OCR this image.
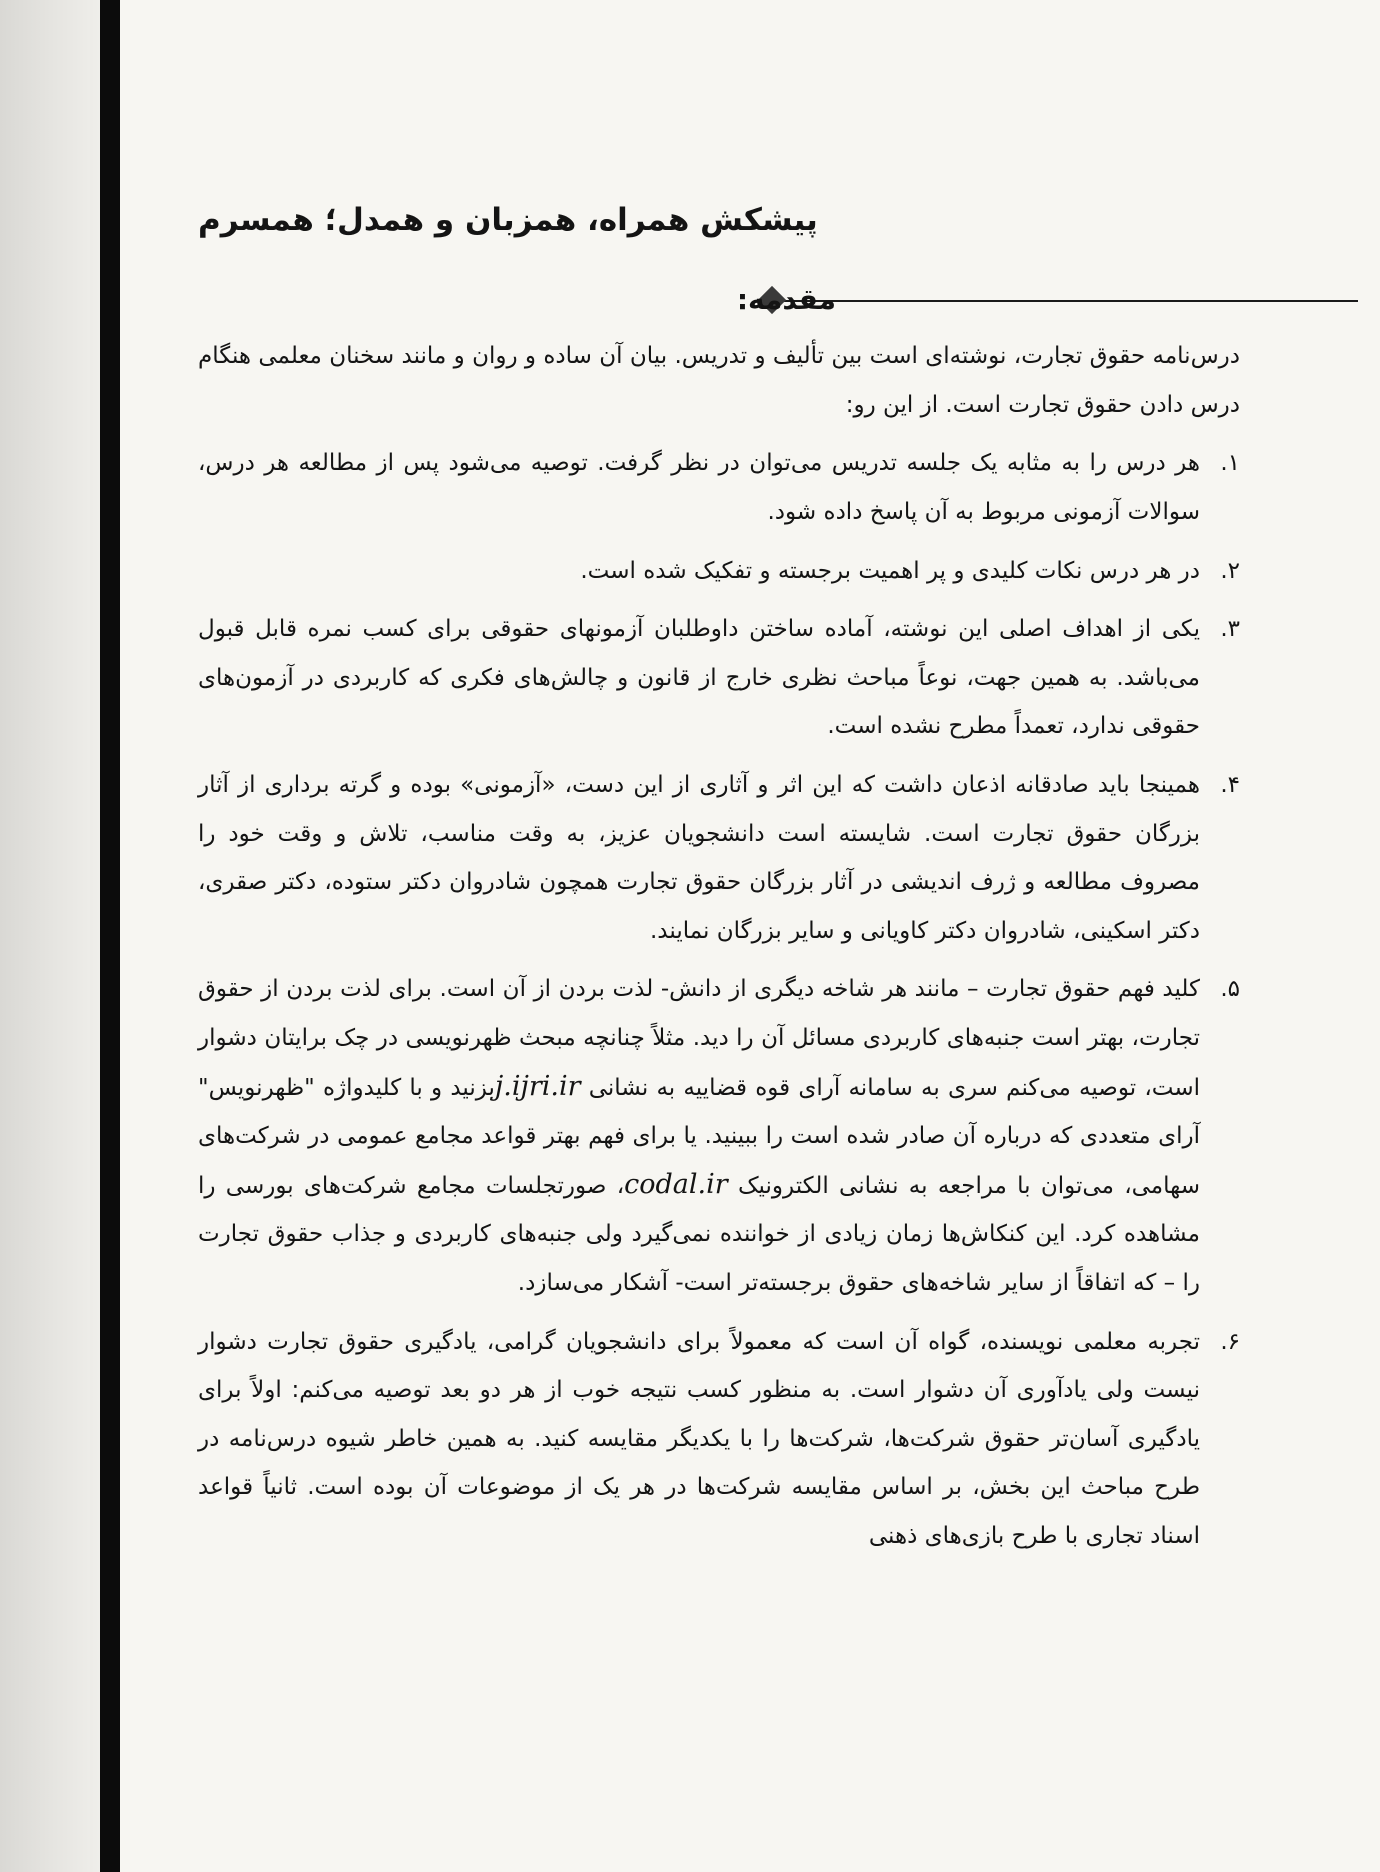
پیشکش همراه، همزبان و همدل؛ همسرم
مقدمه:

درس‌نامه حقوق تجارت، نوشته‌ای است بین تألیف و تدریس. بیان آن ساده و روان و مانند سخنان معلمی هنگام درس دادن حقوق تجارت است. از این رو:

۱.

هر درس را به مثابه یک جلسه تدریس می‌توان در نظر گرفت. توصیه می‌شود پس از مطالعه هر درس، سوالات آزمونی مربوط به آن پاسخ داده شود.

۲.

در هر درس نکات کلیدی و پر اهمیت برجسته و تفکیک شده است.

۳.

یکی از اهداف اصلی این نوشته، آماده ساختن داوطلبان آزمونهای حقوقی برای کسب نمره قابل قبول می‌باشد. به همین جهت، نوعاً مباحث نظری خارج از قانون و چالش‌های فکری که کاربردی در آزمون‌های حقوقی ندارد، تعمداً مطرح نشده است.

۴.

همینجا باید صادقانه اذعان داشت که این اثر و آثاری از این دست، «آزمونی» بوده و گرته برداری از آثار بزرگان حقوق تجارت است. شایسته است دانشجویان عزیز، به وقت مناسب، تلاش و وقت خود را مصروف مطالعه و ژرف اندیشی در آثار بزرگان حقوق تجارت همچون شادروان دکتر ستوده، دکتر صقری، دکتر اسکینی، شادروان دکتر کاویانی و سایر بزرگان نمایند.

۵.

کلید فهم حقوق تجارت – مانند هر شاخه دیگری از دانش- لذت بردن از آن است. برای لذت بردن از حقوق تجارت، بهتر است جنبه‌های کاربردی مسائل آن را دید. مثلاً چنانچه مبحث ظهرنویسی در چک برایتان دشوار است، توصیه می‌کنم سری به سامانه آرای قوه قضاییه به نشانی j.ijri.irبزنید و با کلیدواژه "ظهرنویس" آرای متعددی که درباره آن صادر شده است را ببینید. یا برای فهم بهتر قواعد مجامع عمومی در شرکت‌های سهامی، می‌توان با مراجعه به نشانی الکترونیک codal.ir، صورتجلسات مجامع شرکت‌های بورسی را مشاهده کرد. این کنکاش‌ها زمان زیادی از خواننده نمی‌گیرد ولی جنبه‌های کاربردی و جذاب حقوق تجارت را – که اتفاقاً از سایر شاخه‌های حقوق برجسته‌تر است- آشکار می‌سازد.

۶.

تجربه معلمی نویسنده، گواه آن است که معمولاً برای دانشجویان گرامی، یادگیری حقوق تجارت دشوار نیست ولی یادآوری آن دشوار است. به منظور کسب نتیجه خوب از هر دو بعد توصیه می‌کنم: اولاً برای یادگیری آسان‌تر حقوق شرکت‌ها، شرکت‌ها را با یکدیگر مقایسه کنید. به همین خاطر شیوه درس‌نامه در طرح مباحث این بخش، بر اساس مقایسه شرکت‌ها در هر یک از موضوعات آن بوده است. ثانیاً قواعد اسناد تجاری با طرح بازی‌های ذهنی
